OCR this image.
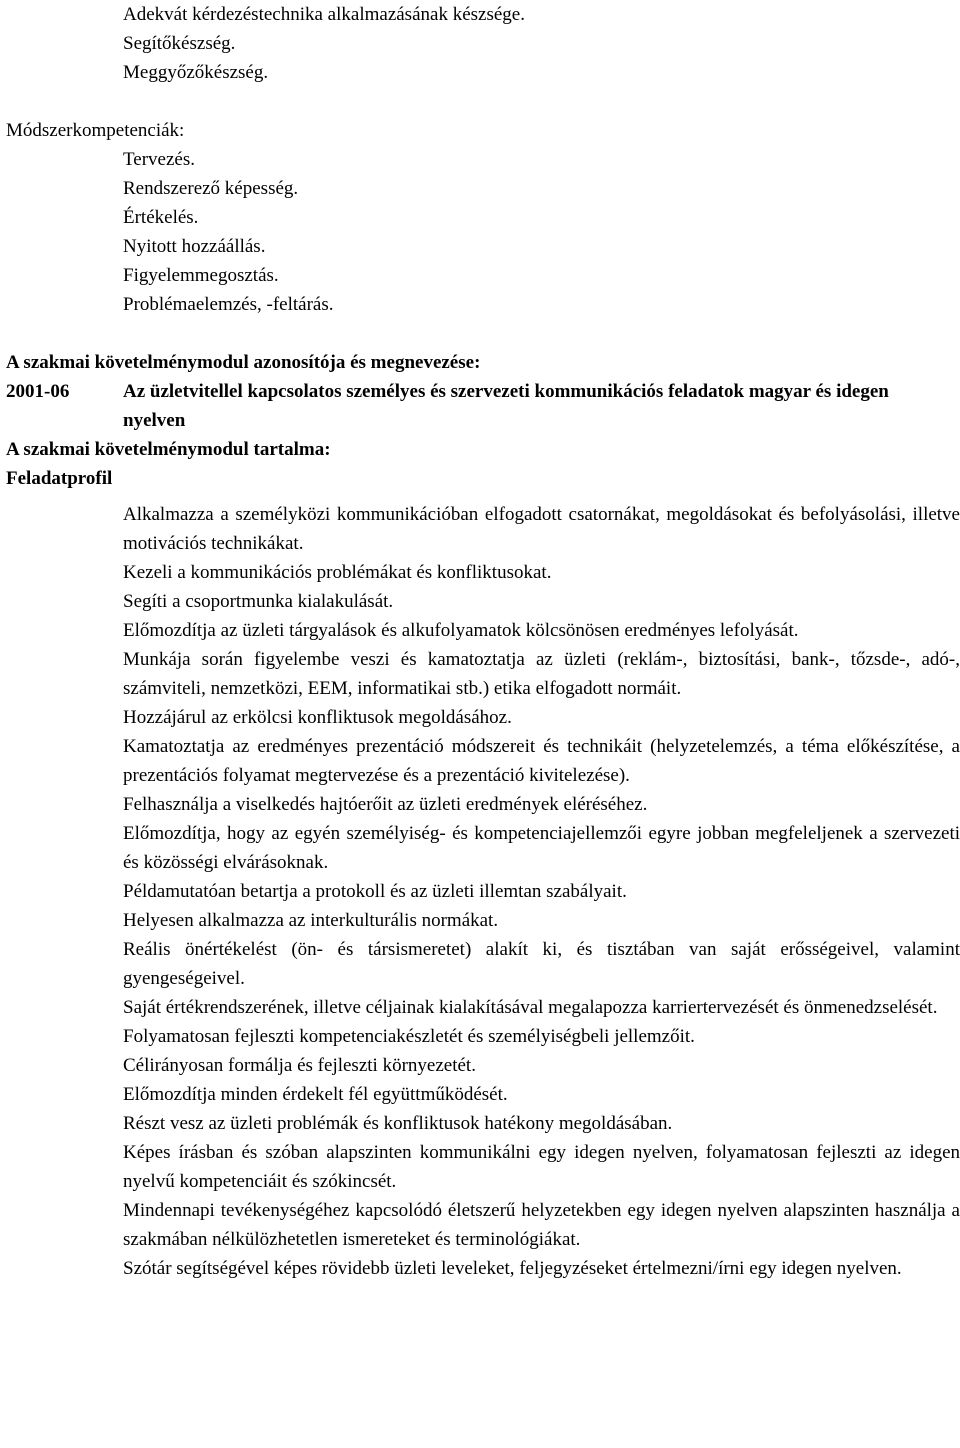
Adekvát kérdezéstechnika alkalmazásának készsége.
Segítőkészség.
Meggyőzőkészség.
Módszerkompetenciák:
Tervezés.
Rendszerező képesség.
Értékelés.
Nyitott hozzáállás.
Figyelemmegosztás.
Problémaelemzés, -feltárás.
A szakmai követelménymodul azonosítója és megnevezése:
2001-06	Az üzletvitellel kapcsolatos személyes és szervezeti kommunikációs feladatok magyar és idegen nyelven
A szakmai követelménymodul tartalma:
Feladatprofil
Alkalmazza a személyközi kommunikációban elfogadott csatornákat, megoldásokat és befolyásolási, illetve motivációs technikákat.
Kezeli a kommunikációs problémákat és konfliktusokat.
Segíti a csoportmunka kialakulását.
Előmozdítja az üzleti tárgyalások és alkufolyamatok kölcsönösen eredményes lefolyását.
Munkája során figyelembe veszi és kamatoztatja az üzleti (reklám-, biztosítási, bank-, tőzsde-, adó-, számviteli, nemzetközi, EEM, informatikai stb.) etika elfogadott normáit.
Hozzájárul az erkölcsi konfliktusok megoldásához.
Kamatoztatja az eredményes prezentáció módszereit és technikáit (helyzetelemzés, a téma előkészítése, a prezentációs folyamat megtervezése és a prezentáció kivitelezése).
Felhasználja a viselkedés hajtóerőit az üzleti eredmények eléréséhez.
Előmozdítja, hogy az egyén személyiség- és kompetenciajellemzői egyre jobban megfeleljenek a szervezeti és közösségi elvárásoknak.
Példamutatóan betartja a protokoll és az üzleti illemtan szabályait.
Helyesen alkalmazza az interkulturális normákat.
Reális önértékelést (ön- és társismeretet) alakít ki, és tisztában van saját erősségeivel, valamint gyengeségeivel.
Saját értékrendszerének, illetve céljainak kialakításával megalapozza karriertervezését és önmenedzselését.
Folyamatosan fejleszti kompetenciakészletét és személyiségbeli jellemzőit.
Célirányosan formálja és fejleszti környezetét.
Előmozdítja minden érdekelt fél együttműködését.
Részt vesz az üzleti problémák és konfliktusok hatékony megoldásában.
Képes írásban és szóban alapszinten kommunikálni egy idegen nyelven, folyamatosan fejleszti az idegen nyelvű kompetenciáit és szókincsét.
Mindennapi tevékenységéhez kapcsolódó életszerű helyzetekben egy idegen nyelven alapszinten használja a szakmában nélkülözhetetlen ismereteket és terminológiákat.
Szótár segítségével képes rövidebb üzleti leveleket, feljegyzéseket értelmezni/írni egy idegen nyelven.
